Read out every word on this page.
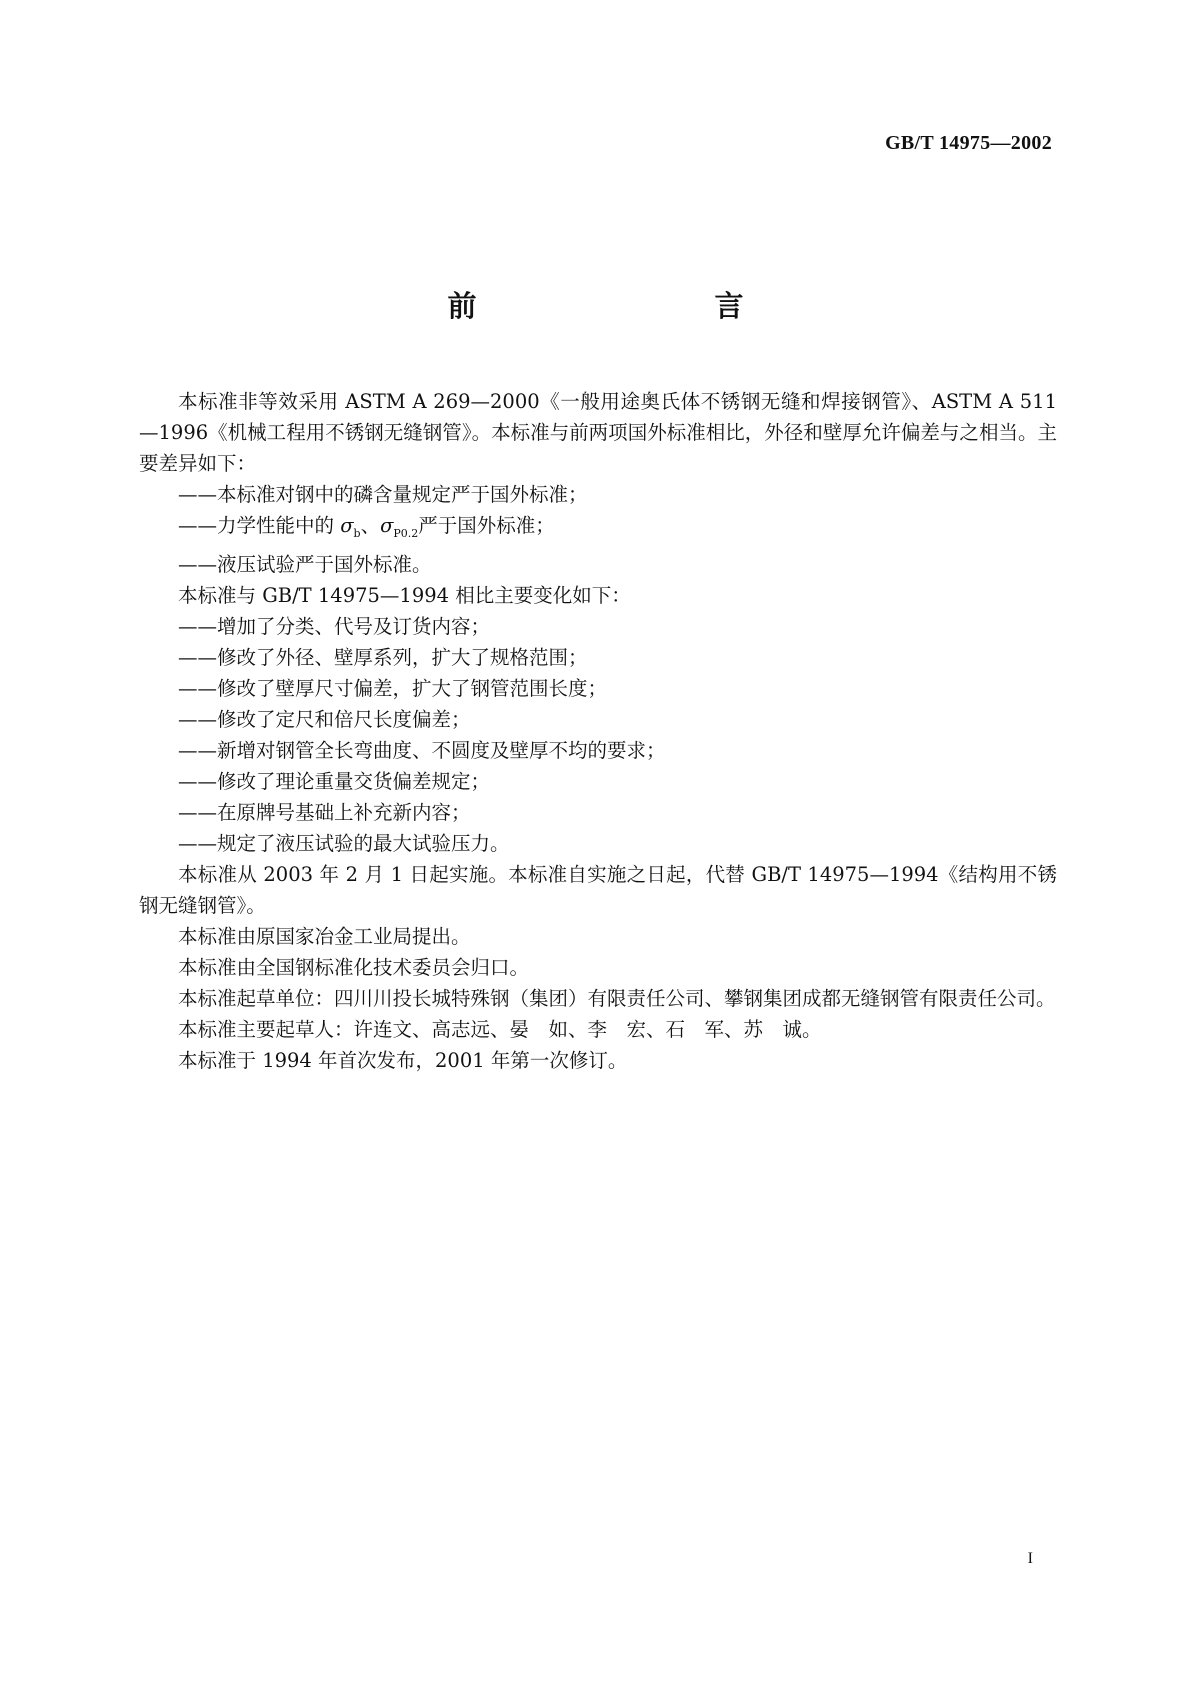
GB/T 14975—2002
前　　言

本标准非等效采用 ASTM A 269—2000《一般用途奥氏体不锈钢无缝和焊接钢管》、ASTM A 511—1996《机械工程用不锈钢无缝钢管》。本标准与前两项国外标准相比，外径和壁厚允许偏差与之相当。主要差异如下：

——本标准对钢中的磷含量规定严于国外标准；

——力学性能中的 $\sigma_b$、$\sigma_{P0.2}$严于国外标准；

——液压试验严于国外标准。

本标准与 GB/T 14975—1994 相比主要变化如下：

——增加了分类、代号及订货内容；

——修改了外径、壁厚系列，扩大了规格范围；

——修改了壁厚尺寸偏差，扩大了钢管范围长度；

——修改了定尺和倍尺长度偏差；

——新增对钢管全长弯曲度、不圆度及壁厚不均的要求；

——修改了理论重量交货偏差规定；

——在原牌号基础上补充新内容；

——规定了液压试验的最大试验压力。

本标准从 2003 年 2 月 1 日起实施。本标准自实施之日起，代替 GB/T 14975—1994《结构用不锈钢无缝钢管》。

本标准由原国家冶金工业局提出。

本标准由全国钢标准化技术委员会归口。

本标准起草单位：四川川投长城特殊钢（集团）有限责任公司、攀钢集团成都无缝钢管有限责任公司。

本标准主要起草人：许连文、高志远、晏　如、李　宏、石　军、苏　诚。

本标准于 1994 年首次发布，2001 年第一次修订。

I
